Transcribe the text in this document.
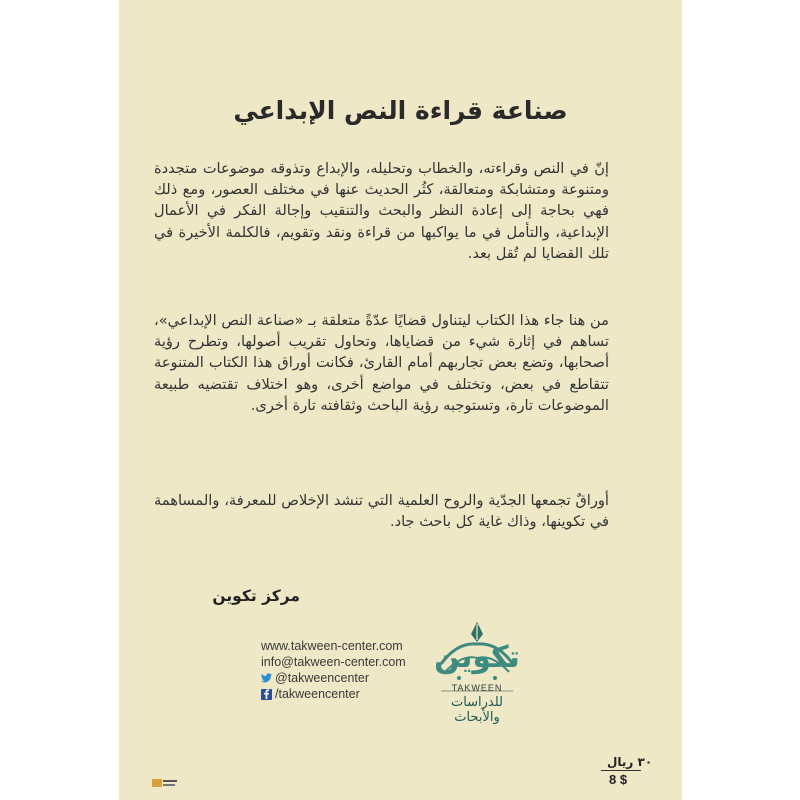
صناعة قراءة النص الإبداعي

إنّ في النص وقراءته، والخطاب وتحليله، والإبداع وتذوقه موضوعات متجددة ومتنوعة ومتشابكة ومتعالقة، كثُر الحديث عنها في مختلف العصور، ومع ذلك فهي بحاجة إلى إعادة النظر والبحث والتنقيب وإجالة الفكر في الأعمال الإبداعية، والتأمل في ما يواكبها من قراءة ونقد وتقويم، فالكلمة الأخيرة في تلك القضايا لم تُقل بعد.

من هنا جاء هذا الكتاب ليتناول قضايًا عدّةً متعلقة بـ «صناعة النص الإبداعي»، تساهم في إثارة شيء من قضاياها، وتحاول تقريب أصولها، وتطرح رؤية أصحابها، وتضع بعض تجاربهم أمام القارئ، فكانت أوراق هذا الكتاب المتنوعة تتقاطع في بعض، وتختلف في مواضع أخرى، وهو اختلاف تقتضيه طبيعة الموضوعات تارة، وتستوجبه رؤية الباحث وثقافته تارة أخرى.

أوراقٌ تجمعها الجدّية والروح العلمية التي تنشد الإخلاص للمعرفة، والمساهمة في تكوينها، وذاك غاية كل باحث جاد.

مركز تكوين

www.takween-center.com
info@takween-center.com
@takweencenter
/takweencenter
تكوين
TAKWEEN
للدراسات والأبحاث
٣٠ ريال
8 $
